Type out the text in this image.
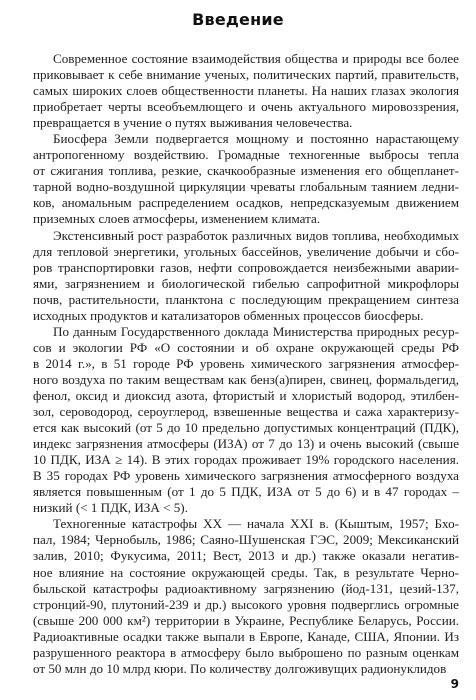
Введение
Современное состояние взаимодействия общества и природы все более
приковывает к себе внимание ученых, политических партий, правительств,
самых широких слоев общественности планеты. На наших глазах экология
приобретает черты всеобъемлющего и очень актуального мировоззрения,
превращается в учение о путях выживания человечества.
Биосфера Земли подвергается мощному и постоянно нарастающему
антропогенному воздействию. Громадные техногенные выбросы тепла
от сжигания топлива, резкие, скачкообразные изменения его общепланет-
тарной водно-воздушной циркуляции чреваты глобальным таянием ледни-
ков, аномальным распределением осадков, непредсказуемым движением
приземных слоев атмосферы, изменением климата.
Экстенсивный рост разработок различных видов топлива, необходимых
для тепловой энергетики, угольных бассейнов, увеличение добычи и сбо-
ров транспортировки газов, нефти сопровождается неизбежными аварии-
ями, загрязнением и биологической гибелью сапрофитной микрофлоры
почв, растительности, планктона с последующим прекращением синтеза
исходных продуктов и катализаторов обменных процессов биосферы.
По данным Государственного доклада Министерства природных ресур-
сов и экологии РФ «О состоянии и об охране окружающей среды РФ
в 2014 г.», в 51 городе РФ уровень химического загрязнения атмосфер-
ного воздуха по таким веществам как бенз(а)пирен, свинец, формальдегид,
фенол, оксид и диоксид азота, фтористый и хлористый водород, этилбен-
зол, сероводород, сероуглерод, взвешенные вещества и сажа характеризу-
ется как высокий (от 5 до 10 предельно допустимых концентраций (ПДК),
индекс загрязнения атмосферы (ИЗА) от 7 до 13) и очень высокий (свыше
10 ПДК, ИЗА ≥ 14). В этих городах проживает 19% городского населения.
В 35 городах РФ уровень химического загрязнения атмосферного воздуха
является повышенным (от 1 до 5 ПДК, ИЗА от 5 до 6) и в 47 городах –
низкий (< 1 ПДК, ИЗА < 5).
Техногенные катастрофы XX — начала XXI в. (Кыштым, 1957; Бхо-
пал, 1984; Чернобыль, 1986; Саяно-Шушенская ГЭС, 2009; Мексиканский
залив, 2010; Фукусима, 2011; Вест, 2013 и др.) также оказали негатив-
ное влияние на состояние окружающей среды. Так, в результате Черно-
быльской катастрофы радиоактивному загрязнению (йод-131, цезий-137,
стронций-90, плутоний-239 и др.) высокого уровня подверглись огромные
(свыше 200 000 км²) территории в Украине, Республике Беларусь, России.
Радиоактивные осадки также выпали в Европе, Канаде, США, Японии. Из
разрушенного реактора в атмосферу было выброшено по разным оценкам
от 50 млн до 10 млрд кюри. По количеству долгоживущих радионуклидов
9
